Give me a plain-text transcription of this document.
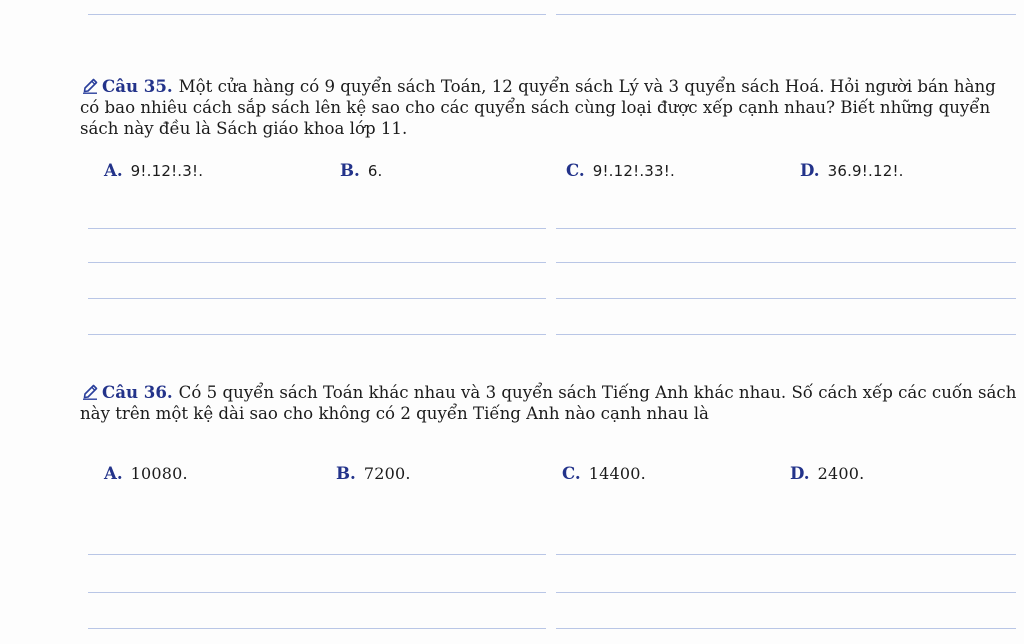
Câu 35. Một cửa hàng có 9 quyển sách Toán, 12 quyển sách Lý và 3 quyển sách Hoá. Hỏi người bán hàng có bao nhiêu cách sắp sách lên kệ sao cho các quyển sách cùng loại được xếp cạnh nhau? Biết những quyển sách này đều là Sách giáo khoa lớp 11.
A. 9!.12!.3!.	B. 6.	C. 9!.12!.33!.	D. 36.9!.12!.
Câu 36. Có 5 quyển sách Toán khác nhau và 3 quyển sách Tiếng Anh khác nhau. Số cách xếp các cuốn sách này trên một kệ dài sao cho không có 2 quyển Tiếng Anh nào cạnh nhau là
A. 10080.	B. 7200.	C. 14400.	D. 2400.
